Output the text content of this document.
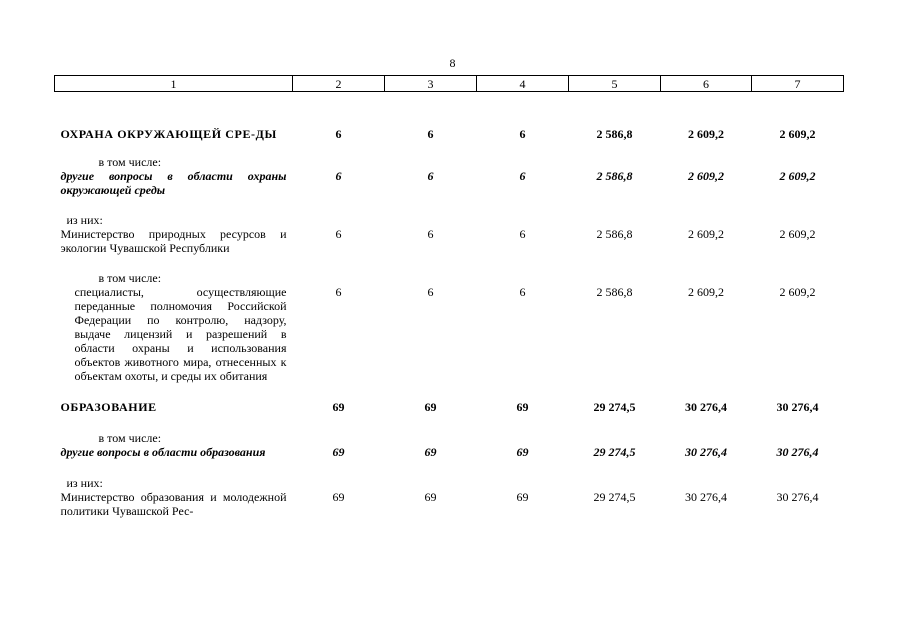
8
1	2	3	4	5	6	7
ОХРАНА ОКРУЖАЮЩЕЙ СРЕ-ДЫ	6	6	6	2 586,8	2 609,2	2 609,2

в том числе:						

другие вопросы в области охраны окружающей среды	6	6	6	2 586,8	2 609,2	2 609,2

из них:						

Министерство природных ресурсов и экологии Чувашской Республики	6	6	6	2 586,8	2 609,2	2 609,2

в том числе:						

специалисты, осуществляющие переданные полномочия Российской Федерации по контролю, надзору, выдаче лицензий и разрешений в области охраны и использования объектов животного мира, отнесенных к объектам охоты, и среды их обитания	6	6	6	2 586,8	2 609,2	2 609,2
ОБРАЗОВАНИЕ	69	69	69	29 274,5	30 276,4	30 276,4

в том числе:						

другие вопросы в области образования	69	69	69	29 274,5	30 276,4	30 276,4

из них:						

Министерство образования и молодежной политики Чувашской Рес-	69	69	69	29 274,5	30 276,4	30 276,4
